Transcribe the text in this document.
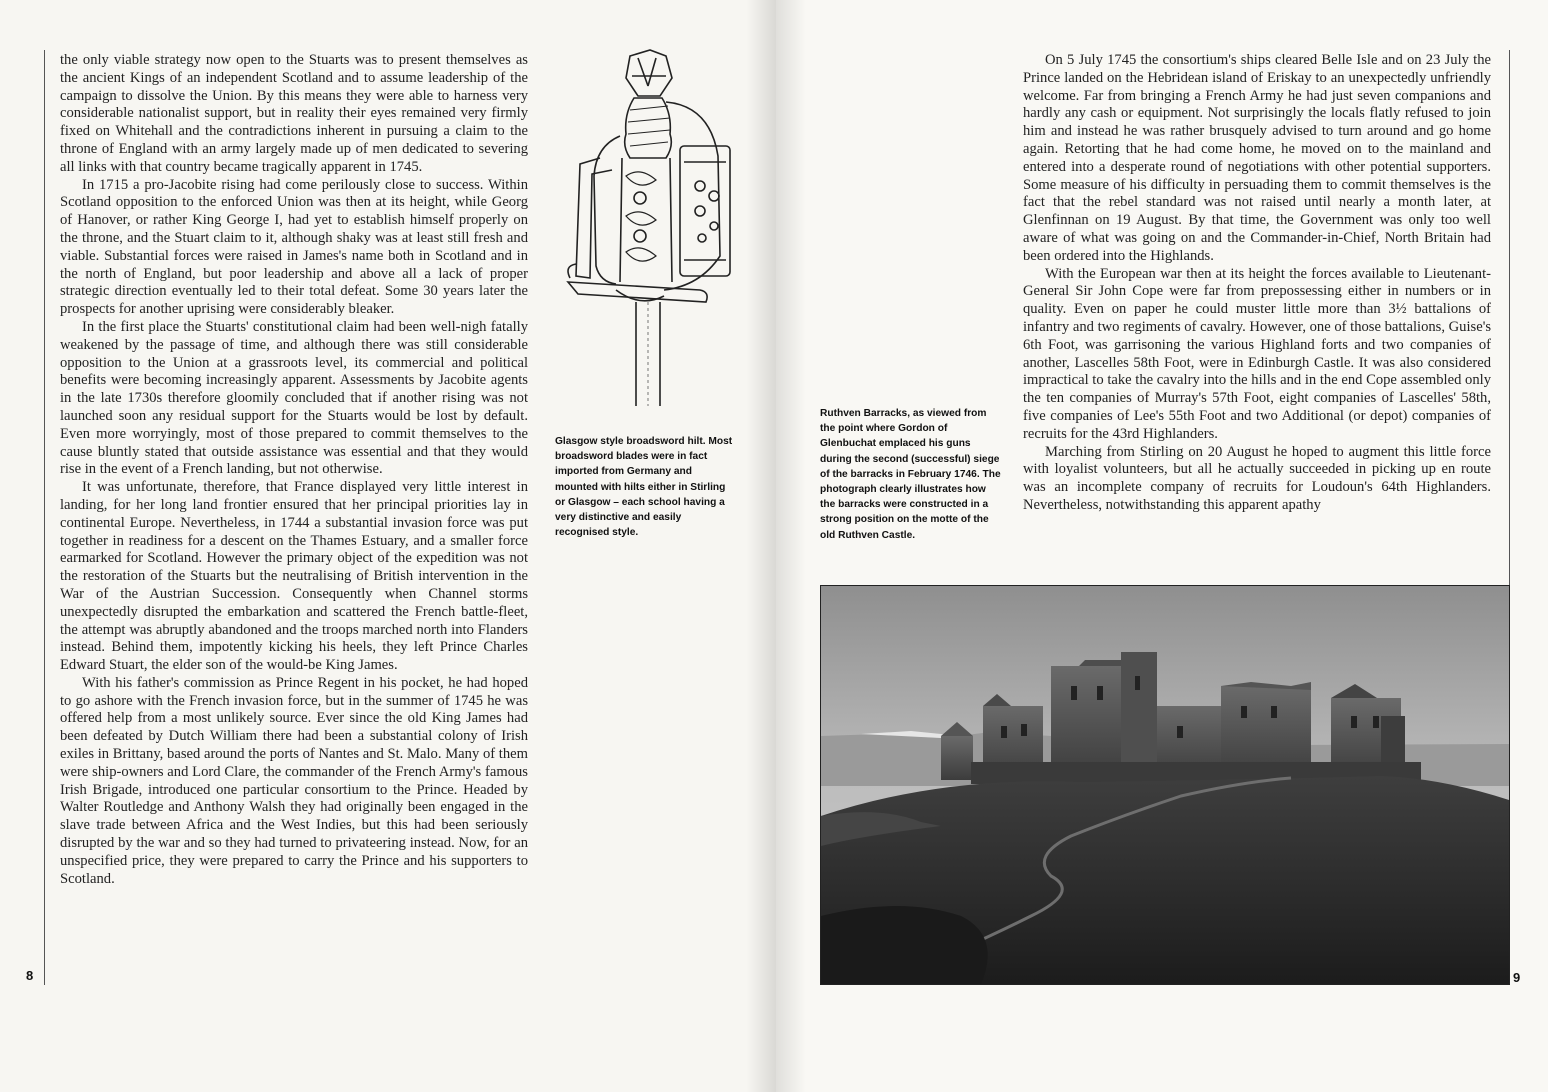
the only viable strategy now open to the Stuarts was to present themselves as the ancient Kings of an independent Scotland and to assume leadership of the campaign to dissolve the Union. By this means they were able to harness very considerable nationalist support, but in reality their eyes remained very firmly fixed on Whitehall and the contradictions inherent in pursuing a claim to the throne of England with an army largely made up of men dedicated to severing all links with that country became tragically apparent in 1745.

In 1715 a pro-Jacobite rising had come perilously close to success. Within Scotland opposition to the enforced Union was then at its height, while Georg of Hanover, or rather King George I, had yet to establish himself properly on the throne, and the Stuart claim to it, although shaky was at least still fresh and viable. Substantial forces were raised in James's name both in Scotland and in the north of England, but poor leadership and above all a lack of proper strategic direction eventually led to their total defeat. Some 30 years later the prospects for another uprising were considerably bleaker.

In the first place the Stuarts' constitutional claim had been well-nigh fatally weakened by the passage of time, and although there was still considerable opposition to the Union at a grassroots level, its commercial and political benefits were becoming increasingly apparent. Assessments by Jacobite agents in the late 1730s therefore gloomily concluded that if another rising was not launched soon any residual support for the Stuarts would be lost by default. Even more worryingly, most of those prepared to commit themselves to the cause bluntly stated that outside assistance was essential and that they would rise in the event of a French landing, but not otherwise.

It was unfortunate, therefore, that France displayed very little interest in landing, for her long land frontier ensured that her principal priorities lay in continental Europe. Nevertheless, in 1744 a substantial invasion force was put together in readiness for a descent on the Thames Estuary, and a smaller force earmarked for Scotland. However the primary object of the expedition was not the restoration of the Stuarts but the neutralising of British intervention in the War of the Austrian Succession. Consequently when Channel storms unexpectedly disrupted the embarkation and scattered the French battle-fleet, the attempt was abruptly abandoned and the troops marched north into Flanders instead. Behind them, impotently kicking his heels, they left Prince Charles Edward Stuart, the elder son of the would-be King James.

With his father's commission as Prince Regent in his pocket, he had hoped to go ashore with the French invasion force, but in the summer of 1745 he was offered help from a most unlikely source. Ever since the old King James had been defeated by Dutch William there had been a substantial colony of Irish exiles in Brittany, based around the ports of Nantes and St. Malo. Many of them were ship-owners and Lord Clare, the commander of the French Army's famous Irish Brigade, introduced one particular consortium to the Prince. Headed by Walter Routledge and Anthony Walsh they had originally been engaged in the slave trade between Africa and the West Indies, but this had been seriously disrupted by the war and so they had turned to privateering instead. Now, for an unspecified price, they were prepared to carry the Prince and his supporters to Scotland.

Glasgow style broadsword hilt. Most broadsword blades were in fact imported from Germany and mounted with hilts either in Stirling or Glasgow – each school having a very distinctive and easily recognised style.
8

On 5 July 1745 the consortium's ships cleared Belle Isle and on 23 July the Prince landed on the Hebridean island of Eriskay to an unexpectedly unfriendly welcome. Far from bringing a French Army he had just seven companions and hardly any cash or equipment. Not surprisingly the locals flatly refused to join him and instead he was rather brusquely advised to turn around and go home again. Retorting that he had come home, he moved on to the mainland and entered into a desperate round of negotiations with other potential supporters. Some measure of his difficulty in persuading them to commit themselves is the fact that the rebel standard was not raised until nearly a month later, at Glenfinnan on 19 August. By that time, the Government was only too well aware of what was going on and the Commander-in-Chief, North Britain had been ordered into the Highlands.

With the European war then at its height the forces available to Lieutenant-General Sir John Cope were far from prepossessing either in numbers or in quality. Even on paper he could muster little more than 3½ battalions of infantry and two regiments of cavalry. However, one of those battalions, Guise's 6th Foot, was garrisoning the various Highland forts and two companies of another, Lascelles 58th Foot, were in Edinburgh Castle. It was also considered impractical to take the cavalry into the hills and in the end Cope assembled only the ten companies of Murray's 57th Foot, eight companies of Lascelles' 58th, five companies of Lee's 55th Foot and two Additional (or depot) companies of recruits for the 43rd Highlanders.

Marching from Stirling on 20 August he hoped to augment this little force with loyalist volunteers, but all he actually succeeded in picking up en route was an incomplete company of recruits for Loudoun's 64th Highlanders. Nevertheless, notwithstanding this apparent apathy

Ruthven Barracks, as viewed from the point where Gordon of Glenbuchat emplaced his guns during the second (successful) siege of the barracks in February 1746. The photograph clearly illustrates how the barracks were constructed in a strong position on the motte of the old Ruthven Castle.
9
